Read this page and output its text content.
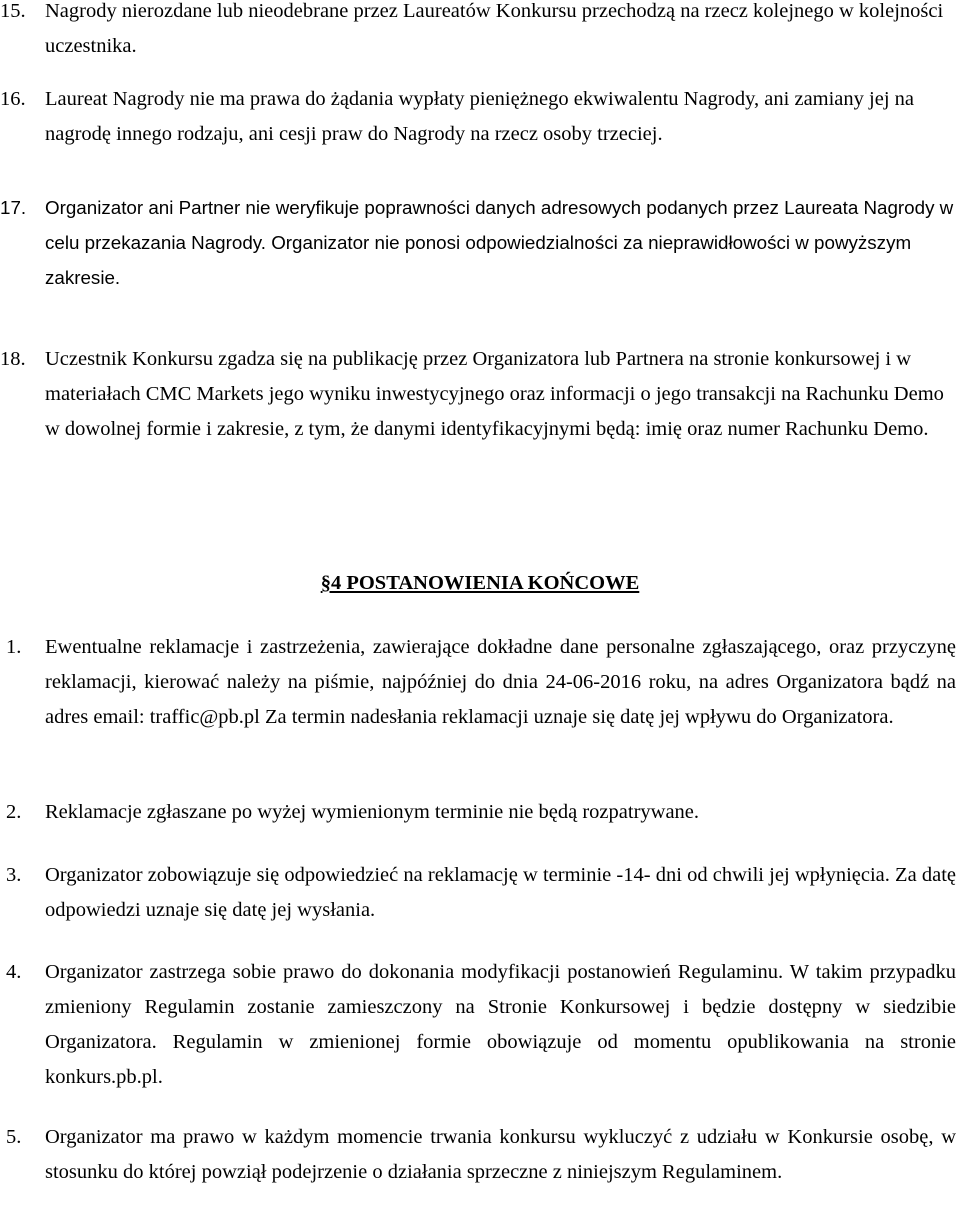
15. Nagrody nierozdane lub nieodebrane przez Laureatów Konkursu przechodzą na rzecz kolejnego w kolejności uczestnika.
16. Laureat Nagrody nie ma prawa do żądania wypłaty pieniężnego ekwiwalentu Nagrody, ani zamiany jej na nagrodę innego rodzaju, ani cesji praw do Nagrody na rzecz osoby trzeciej.
17.	Organizator ani Partner nie weryfikuje poprawności danych adresowych podanych przez Laureata Nagrody w celu przekazania Nagrody. Organizator nie ponosi odpowiedzialności za nieprawidłowości w powyższym zakresie.
18. Uczestnik Konkursu zgadza się na publikację przez Organizatora lub Partnera na stronie konkursowej i w materiałach CMC Markets jego wyniku inwestycyjnego oraz informacji o jego transakcji na Rachunku Demo w dowolnej formie i zakresie, z tym, że danymi identyfikacyjnymi będą: imię oraz numer Rachunku Demo.
§4 POSTANOWIENIA KOŃCOWE
1.	Ewentualne reklamacje i zastrzeżenia, zawierające dokładne dane personalne zgłaszającego, oraz przyczynę reklamacji, kierować należy na piśmie, najpóźniej do dnia 24-06-2016 roku, na adres Organizatora bądź na adres email: traffic@pb.pl Za termin nadesłania reklamacji uznaje się datę jej wpływu do Organizatora.
2.	Reklamacje zgłaszane po wyżej wymienionym terminie nie będą rozpatrywane.
3.	Organizator zobowiązuje się odpowiedzieć na reklamację w terminie -14- dni od chwili jej wpłynięcia. Za datę odpowiedzi uznaje się datę jej wysłania.
4.	Organizator zastrzega sobie prawo do dokonania modyfikacji postanowień Regulaminu. W takim przypadku zmieniony Regulamin zostanie zamieszczony na Stronie Konkursowej i będzie dostępny w siedzibie Organizatora. Regulamin w zmienionej formie obowiązuje od momentu opublikowania na stronie konkurs.pb.pl.
5.	Organizator ma prawo w każdym momencie trwania konkursu wykluczyć z udziału w Konkursie osobę, w stosunku do której powziął podejrzenie o działania sprzeczne z niniejszym Regulaminem.
